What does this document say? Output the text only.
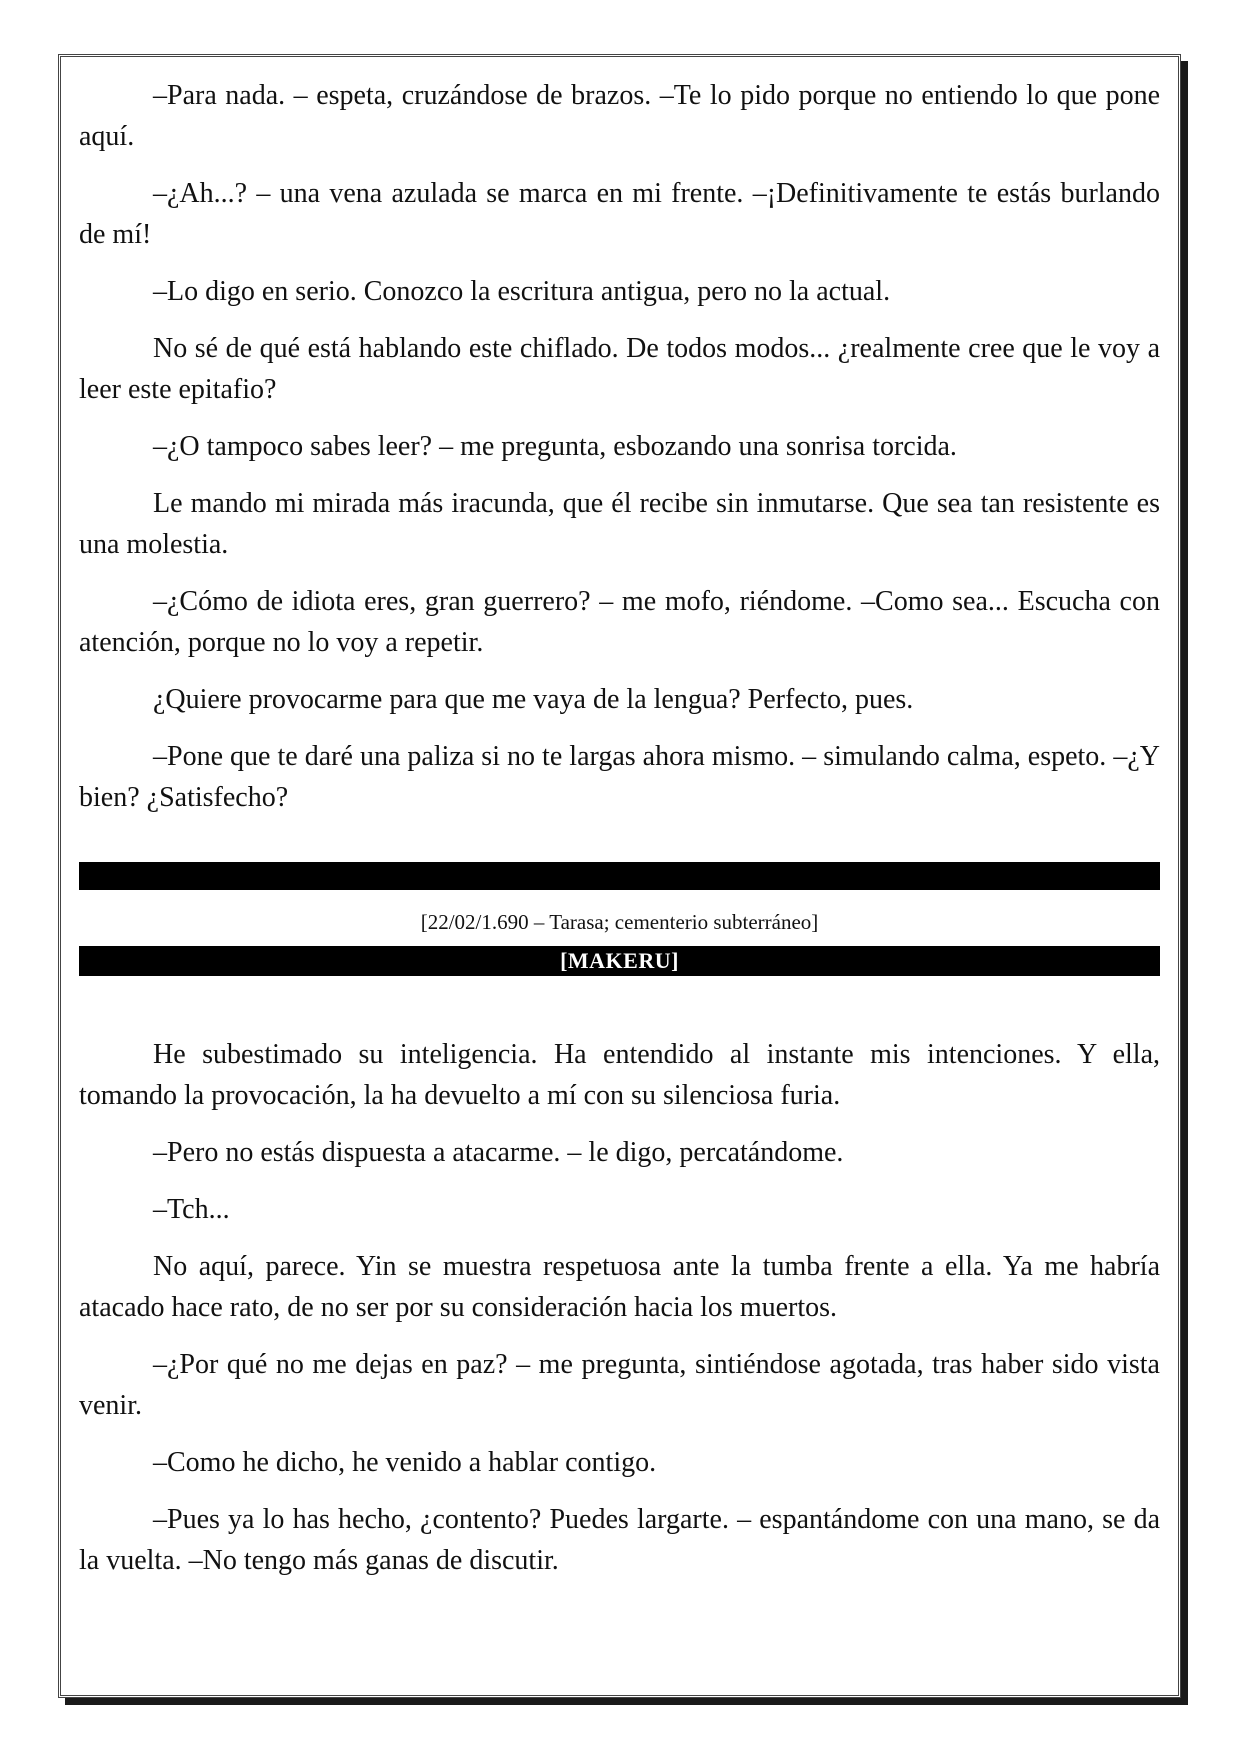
–Para nada. – espeta, cruzándose de brazos. –Te lo pido porque no entiendo lo que pone aquí.

–¿Ah...? – una vena azulada se marca en mi frente. –¡Definitivamente te estás burlando de mí!

–Lo digo en serio. Conozco la escritura antigua, pero no la actual.

No sé de qué está hablando este chiflado. De todos modos... ¿realmente cree que le voy a leer este epitafio?

–¿O tampoco sabes leer? – me pregunta, esbozando una sonrisa torcida.

Le mando mi mirada más iracunda, que él recibe sin inmutarse. Que sea tan resistente es una molestia.

–¿Cómo de idiota eres, gran guerrero? – me mofo, riéndome. –Como sea... Escucha con atención, porque no lo voy a repetir.

¿Quiere provocarme para que me vaya de la lengua? Perfecto, pues.

–Pone que te daré una paliza si no te largas ahora mismo. – simulando calma, espeto. –¿Y bien? ¿Satisfecho?

[22/02/1.690 – Tarasa; cementerio subterráneo]
[MAKERU]

He subestimado su inteligencia. Ha entendido al instante mis intenciones. Y ella, tomando la provocación, la ha devuelto a mí con su silenciosa furia.

–Pero no estás dispuesta a atacarme. – le digo, percatándome.

–Tch...

No aquí, parece. Yin se muestra respetuosa ante la tumba frente a ella. Ya me habría atacado hace rato, de no ser por su consideración hacia los muertos.

–¿Por qué no me dejas en paz? – me pregunta, sintiéndose agotada, tras haber sido vista venir.

–Como he dicho, he venido a hablar contigo.

–Pues ya lo has hecho, ¿contento? Puedes largarte. – espantándome con una mano, se da la vuelta. –No tengo más ganas de discutir.
